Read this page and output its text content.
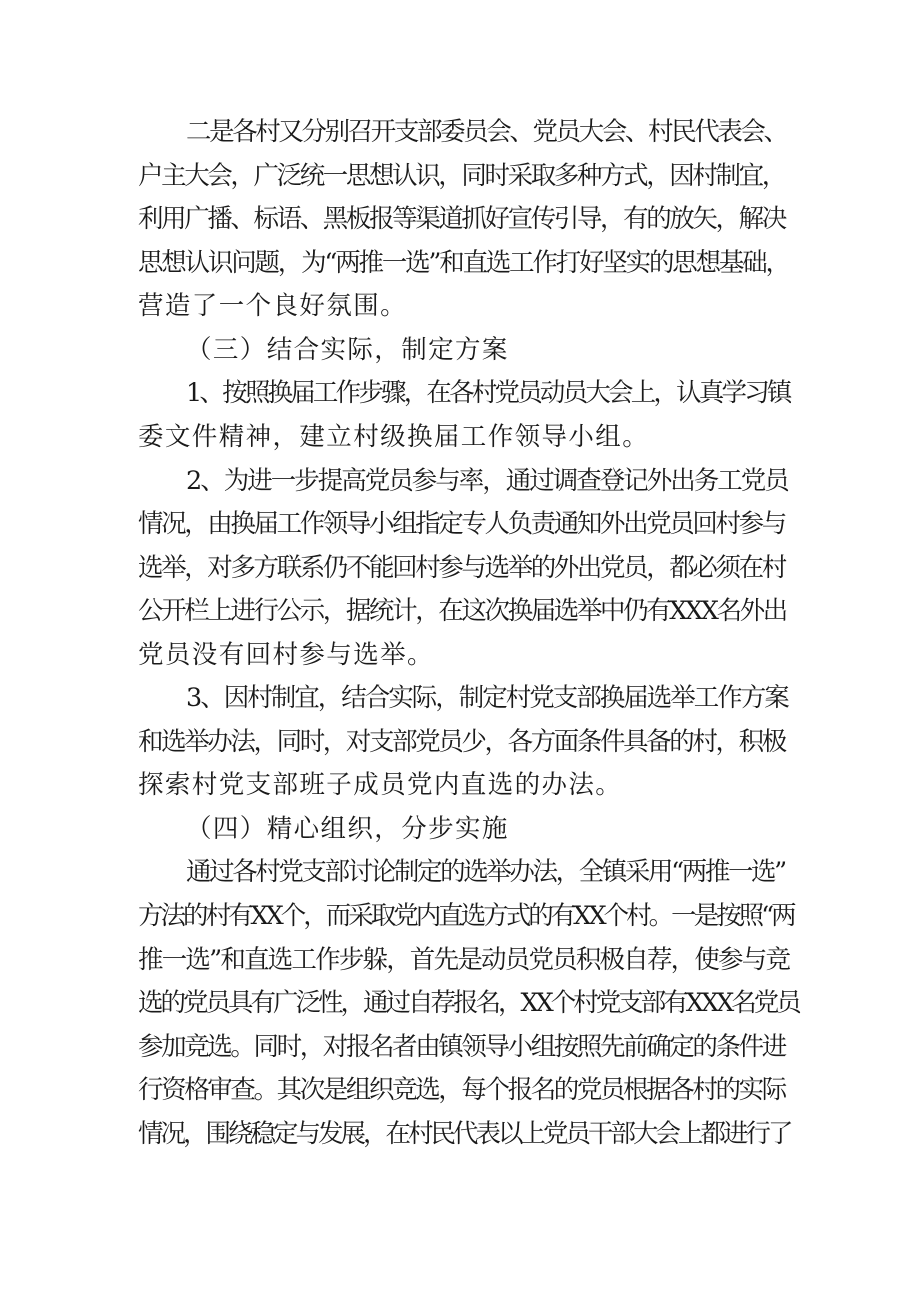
二是各村又分别召开支部委员会、党员大会、村民代表会、
户主大会，广泛统一思想认识，同时采取多种方式，因村制宜，
利用广播、标语、黑板报等渠道抓好宣传引导，有的放矢，解决
思想认识问题，为“两推一选”和直选工作打好坚实的思想基础，
营造了一个良好氛围。
（三）结合实际，制定方案
1、按照换届工作步骤，在各村党员动员大会上，认真学习镇
委文件精神，建立村级换届工作领导小组。
2、为进一步提高党员参与率，通过调查登记外出务工党员
情况，由换届工作领导小组指定专人负责通知外出党员回村参与
选举，对多方联系仍不能回村参与选举的外出党员，都必须在村
公开栏上进行公示，据统计，在这次换届选举中仍有XXX名外出
党员没有回村参与选举。
3、因村制宜，结合实际，制定村党支部换届选举工作方案
和选举办法，同时，对支部党员少，各方面条件具备的村，积极
探索村党支部班子成员党内直选的办法。
（四）精心组织，分步实施
通过各村党支部讨论制定的选举办法，全镇采用“两推一选”
方法的村有XX个，而采取党内直选方式的有XX个村。一是按照“两
推一选”和直选工作步躲，首先是动员党员积极自荐，使参与竞
选的党员具有广泛性，通过自荐报名，XX个村党支部有XXX名党员
参加竞选。同时，对报名者由镇领导小组按照先前确定的条件进
行资格审查。其次是组织竞选，每个报名的党员根据各村的实际
情况，围绕稳定与发展，在村民代表以上党员干部大会上都进行了
